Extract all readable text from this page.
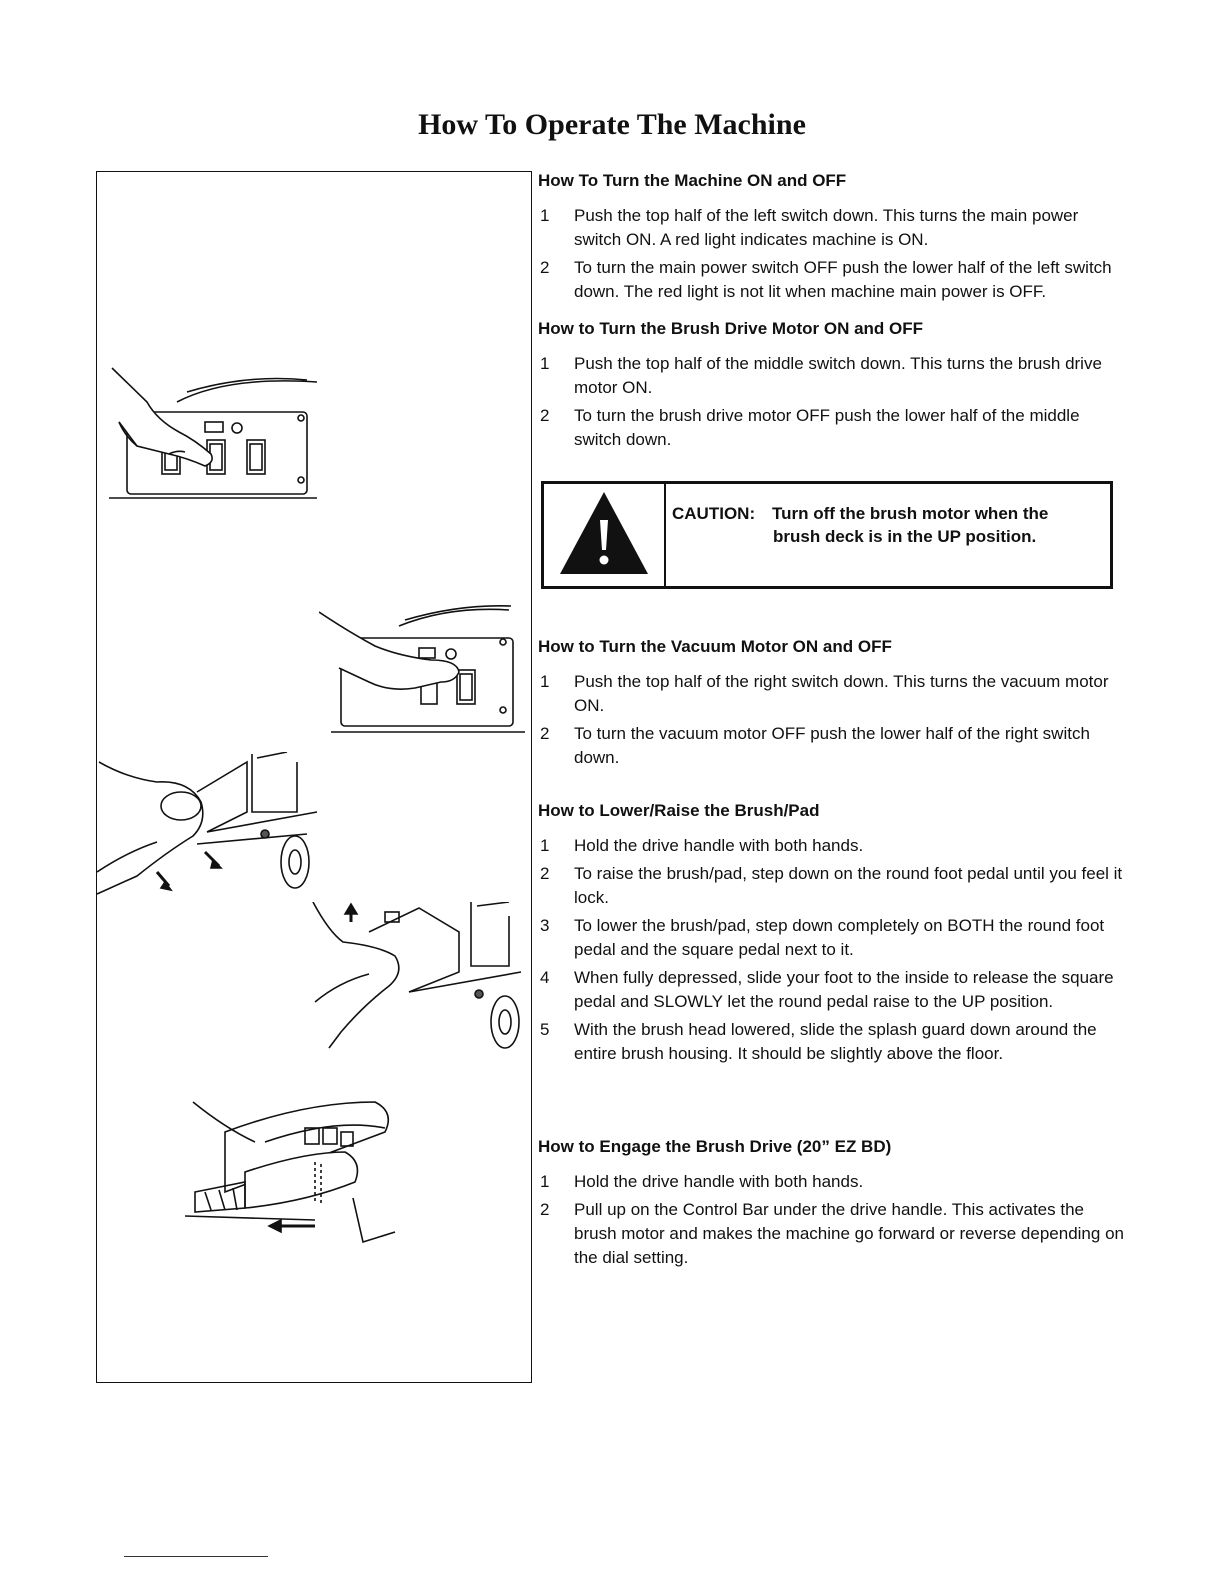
How To Operate The Machine
How To Turn the Machine ON and OFF
1 Push the top half of the left switch down. This turns the main power switch ON. A red light indicates machine is ON.
2 To turn the main power switch OFF push the lower half of the left switch down. The red light is not lit when machine main power is OFF.
How to Turn the Brush Drive Motor ON and OFF
1 Push the top half of the middle switch down. This turns the brush drive motor ON.
2 To turn the brush drive motor OFF push the lower half of the middle switch down.
How to Turn the Vacuum Motor ON and OFF
1 Push the top half of the right switch down. This turns the vacuum motor ON.
2 To turn the vacuum motor OFF push the lower half of the right switch down.
How to Lower/Raise the Brush/Pad
1 Hold the drive handle with both hands.
2 To raise the brush/pad, step down on the round foot pedal until you feel it lock.
3 To lower the brush/pad, step down completely on BOTH the round foot pedal and the square pedal next to it.
4 When fully depressed, slide your foot to the inside to release the square pedal and SLOWLY let the round pedal raise to the UP position.
5 With the brush head lowered, slide the splash guard down around the entire brush housing. It should be slightly above the floor.
How to Engage the Brush Drive (20” EZ BD)
1 Hold the drive handle with both hands.
2 Pull up on the Control Bar under the drive handle. This activates the brush motor and makes the machine go forward or reverse depending on the dial setting.
CAUTION: Turn off the brush motor when the
brush deck is in the UP position.
